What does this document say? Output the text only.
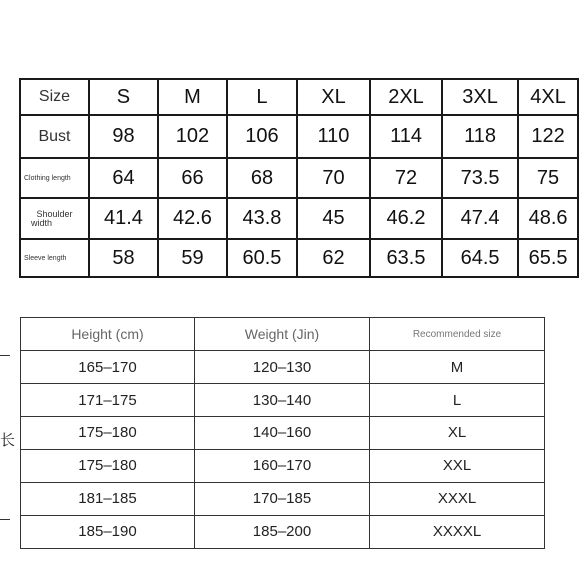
Size	S	M	L	XL	2XL	3XL	4XL
Bust	98	102	106	110	114	118	122
Clothing length	64	66	68	70	72	73.5	75

Shoulder
width	41.4	42.6	43.8	45	46.2	47.4	48.6
Sleeve length	58	59	60.5	62	63.5	64.5	65.5
长
Height (cm)	Weight (Jin)	Recommended size
165–170	120–130	M
171–175	130–140	L
175–180	140–160	XL
175–180	160–170	XXL
181–185	170–185	XXXL
185–190	185–200	XXXXL
